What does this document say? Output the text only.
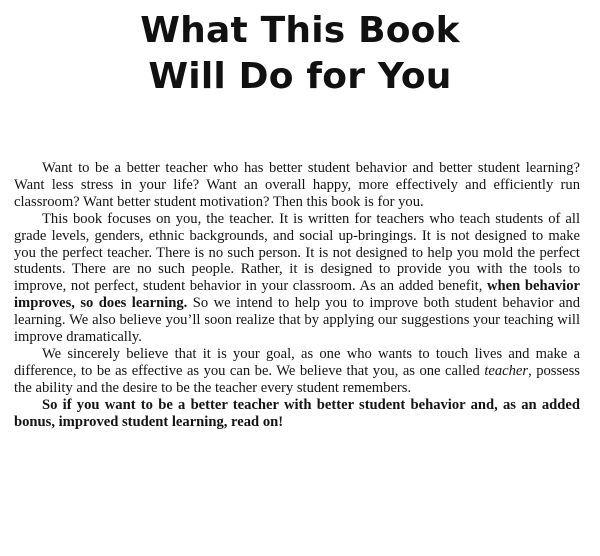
What This Book
Will Do for You

Want to be a better teacher who has better student behavior and better student learning? Want less stress in your life? Want an overall happy, more effectively and efficiently run classroom? Want better student motivation? Then this book is for you.

This book focuses on you, the teacher. It is written for teachers who teach students of all grade levels, genders, ethnic backgrounds, and social up-bringings. It is not designed to make you the perfect teacher. There is no such person. It is not designed to help you mold the perfect students. There are no such people. Rather, it is designed to provide you with the tools to improve, not perfect, student behavior in your classroom. As an added benefit, when behavior improves, so does learning. So we intend to help you to improve both student behavior and learning. We also believe you’ll soon realize that by applying our suggestions your teaching will improve dramatically.

We sincerely believe that it is your goal, as one who wants to touch lives and make a difference, to be as effective as you can be. We believe that you, as one called teacher, possess the ability and the desire to be the teacher every student remembers.

So if you want to be a better teacher with better student behavior and, as an added bonus, improved student learning, read on!
